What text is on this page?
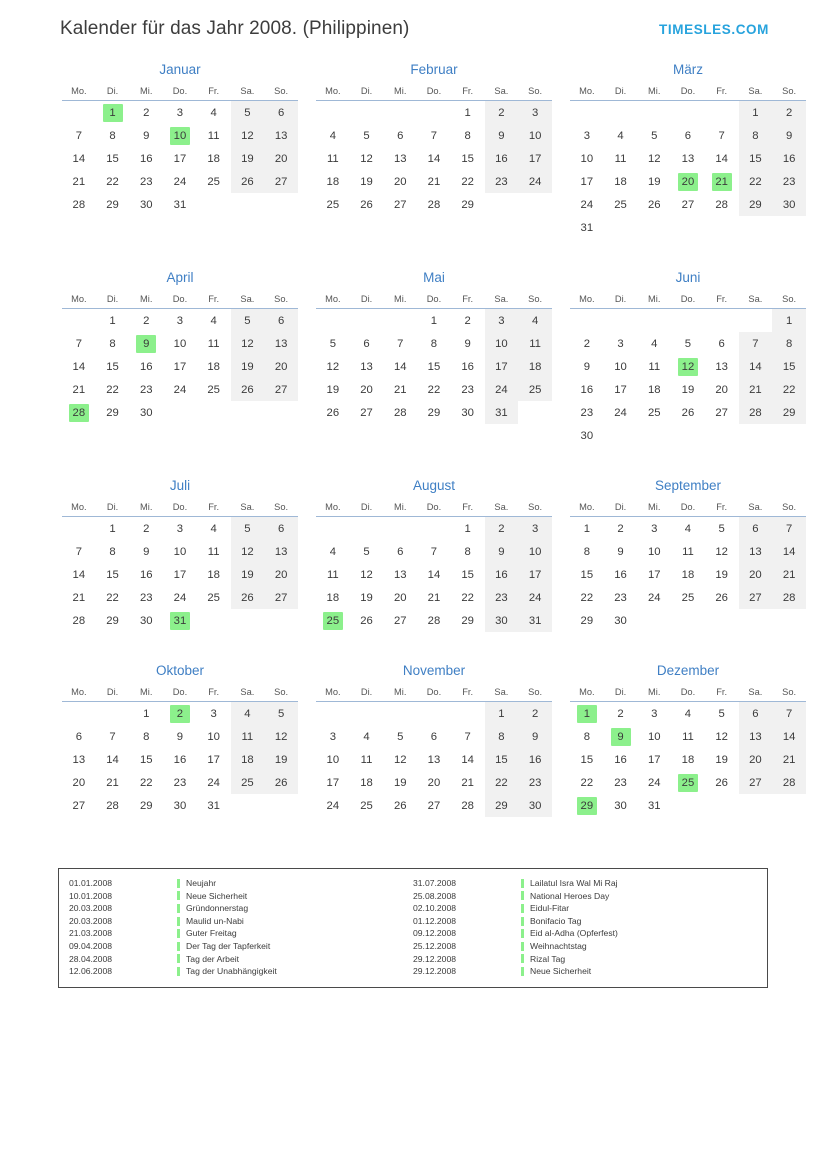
Kalender für das Jahr 2008. (Philippinen)	TIMESLES.COM
Januar
Mo.	Di.	Mi.	Do.	Fr.	Sa.	So.
	1	2	3	4	5	6
7	8	9	10	11	12	13
14	15	16	17	18	19	20
21	22	23	24	25	26	27
28	29	30	31			
Februar
Mo.	Di.	Mi.	Do.	Fr.	Sa.	So.
				1	2	3
4	5	6	7	8	9	10
11	12	13	14	15	16	17
18	19	20	21	22	23	24
25	26	27	28	29		
März
Mo.	Di.	Mi.	Do.	Fr.	Sa.	So.
					1	2
3	4	5	6	7	8	9
10	11	12	13	14	15	16
17	18	19	20	21	22	23
24	25	26	27	28	29	30
31						
April
Mo.	Di.	Mi.	Do.	Fr.	Sa.	So.
	1	2	3	4	5	6
7	8	9	10	11	12	13
14	15	16	17	18	19	20
21	22	23	24	25	26	27
28	29	30				
Mai
Mo.	Di.	Mi.	Do.	Fr.	Sa.	So.
			1	2	3	4
5	6	7	8	9	10	11
12	13	14	15	16	17	18
19	20	21	22	23	24	25
26	27	28	29	30	31	
Juni
Mo.	Di.	Mi.	Do.	Fr.	Sa.	So.
						1
2	3	4	5	6	7	8
9	10	11	12	13	14	15
16	17	18	19	20	21	22
23	24	25	26	27	28	29
30						
Juli
Mo.	Di.	Mi.	Do.	Fr.	Sa.	So.
	1	2	3	4	5	6
7	8	9	10	11	12	13
14	15	16	17	18	19	20
21	22	23	24	25	26	27
28	29	30	31			
August
Mo.	Di.	Mi.	Do.	Fr.	Sa.	So.
				1	2	3
4	5	6	7	8	9	10
11	12	13	14	15	16	17
18	19	20	21	22	23	24
25	26	27	28	29	30	31
September
Mo.	Di.	Mi.	Do.	Fr.	Sa.	So.
1	2	3	4	5	6	7
8	9	10	11	12	13	14
15	16	17	18	19	20	21
22	23	24	25	26	27	28
29	30					
Oktober
Mo.	Di.	Mi.	Do.	Fr.	Sa.	So.
		1	2	3	4	5
6	7	8	9	10	11	12
13	14	15	16	17	18	19
20	21	22	23	24	25	26
27	28	29	30	31		
November
Mo.	Di.	Mi.	Do.	Fr.	Sa.	So.
					1	2
3	4	5	6	7	8	9
10	11	12	13	14	15	16
17	18	19	20	21	22	23
24	25	26	27	28	29	30
Dezember
Mo.	Di.	Mi.	Do.	Fr.	Sa.	So.
1	2	3	4	5	6	7
8	9	10	11	12	13	14
15	16	17	18	19	20	21
22	23	24	25	26	27	28
29	30	31				
01.01.2008	Neujahr
10.01.2008	Neue Sicherheit
20.03.2008	Gründonnerstag
20.03.2008	Maulid un-Nabi
21.03.2008	Guter Freitag
09.04.2008	Der Tag der Tapferkeit
28.04.2008	Tag der Arbeit
12.06.2008	Tag der Unabhängigkeit
31.07.2008	Lailatul Isra Wal Mi Raj
25.08.2008	National Heroes Day
02.10.2008	Eidul-Fitar
01.12.2008	Bonifacio Tag
09.12.2008	Eid al-Adha (Opferfest)
25.12.2008	Weihnachtstag
29.12.2008	Rizal Tag
29.12.2008	Neue Sicherheit
